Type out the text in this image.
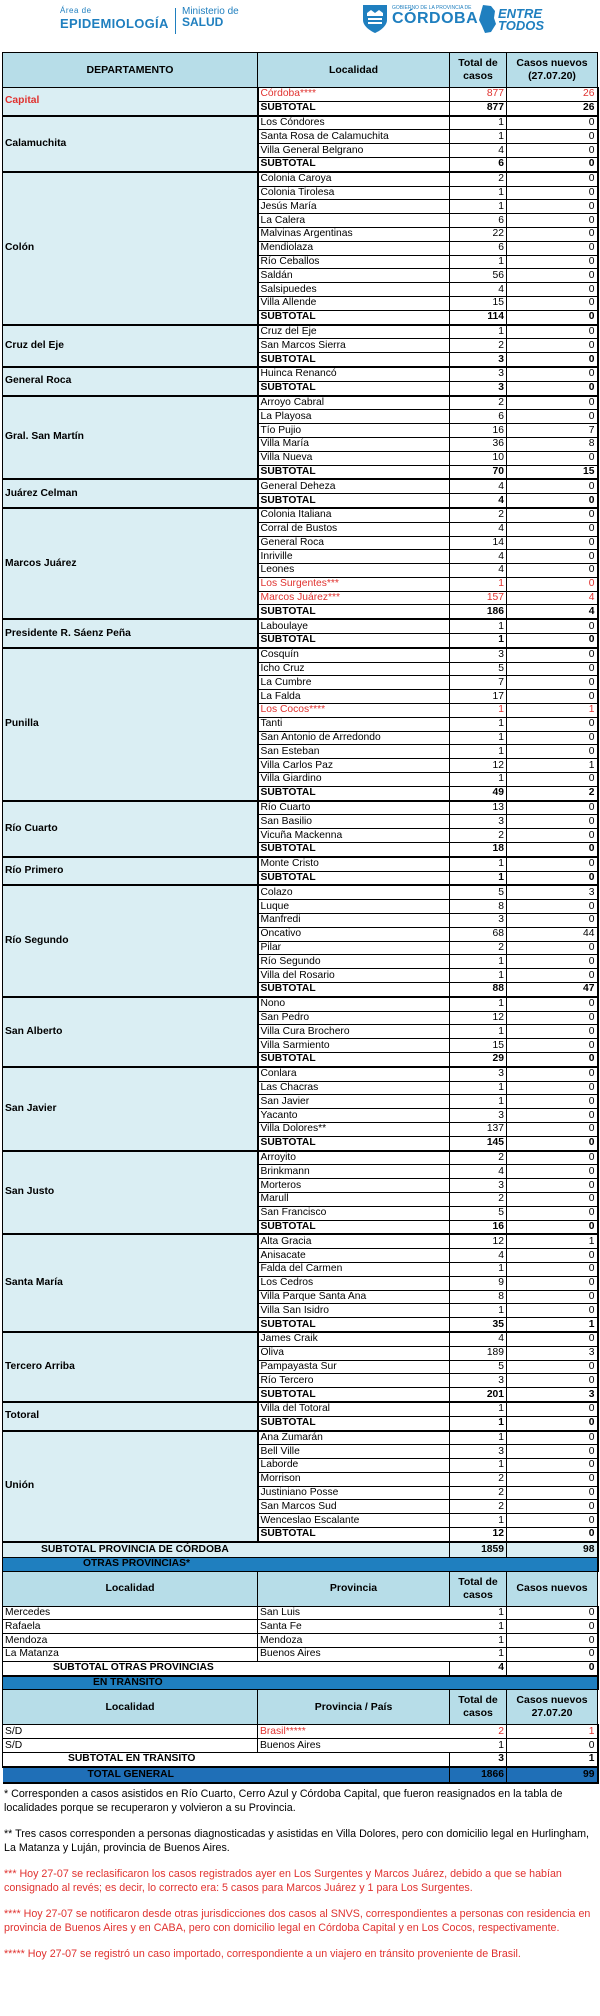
Área de
EPIDEMIOLOGÍA
Ministerio de
SALUD
GOBIERNO DE LA PROVINCIA DE
CÓRDOBA ENTRE
TODOS
DEPARTAMENTO	Localidad	Total de casos	Casos nuevos (27.07.20)
Capital	Córdoba****	877	26
	SUBTOTAL	877	26
Calamuchita	Los Cóndores	1	0
	Santa Rosa de Calamuchita	1	0
	Villa General Belgrano	4	0
	SUBTOTAL	6	0
Colón	Colonia Caroya	2	0
	Colonia Tirolesa	1	0
	Jesús María	1	0
	La Calera	6	0
	Malvinas Argentinas	22	0
	Mendiolaza	6	0
	Río Ceballos	1	0
	Saldán	56	0
	Salsipuedes	4	0
	Villa Allende	15	0
	SUBTOTAL	114	0
Cruz del Eje	Cruz del Eje	1	0
	San Marcos Sierra	2	0
	SUBTOTAL	3	0
General Roca	Huinca Renancó	3	0
	SUBTOTAL	3	0
Gral. San Martín	Arroyo Cabral	2	0
	La Playosa	6	0
	Tío Pujio	16	7
	Villa María	36	8
	Villa Nueva	10	0
	SUBTOTAL	70	15
Juárez Celman	General Deheza	4	0
	SUBTOTAL	4	0
Marcos Juárez	Colonia Italiana	2	0
	Corral de Bustos	4	0
	General Roca	14	0
	Inriville	4	0
	Leones	4	0
	Los Surgentes***	1	0
	Marcos Juárez***	157	4
	SUBTOTAL	186	4
Presidente R. Sáenz Peña	Laboulaye	1	0
	SUBTOTAL	1	0
Punilla	Cosquín	3	0
	Icho Cruz	5	0
	La Cumbre	7	0
	La Falda	17	0
	Los Cocos****	1	1
	Tanti	1	0
	San Antonio de Arredondo	1	0
	San Esteban	1	0
	Villa Carlos Paz	12	1
	Villa Giardino	1	0
	SUBTOTAL	49	2
Río Cuarto	Río Cuarto	13	0
	San Basilio	3	0
	Vicuña Mackenna	2	0
	SUBTOTAL	18	0
Río Primero	Monte Cristo	1	0
	SUBTOTAL	1	0
Río Segundo	Colazo	5	3
	Luque	8	0
	Manfredi	3	0
	Oncativo	68	44
	Pilar	2	0
	Río Segundo	1	0
	Villa del Rosario	1	0
	SUBTOTAL	88	47
San Alberto	Nono	1	0
	San Pedro	12	0
	Villa Cura Brochero	1	0
	Villa Sarmiento	15	0
	SUBTOTAL	29	0
San Javier	Conlara	3	0
	Las Chacras	1	0
	San Javier	1	0
	Yacanto	3	0
	Villa Dolores**	137	0
	SUBTOTAL	145	0
San Justo	Arroyito	2	0
	Brinkmann	4	0
	Morteros	3	0
	Marull	2	0
	San Francisco	5	0
	SUBTOTAL	16	0
Santa María	Alta Gracia	12	1
	Anisacate	4	0
	Falda del Carmen	1	0
	Los Cedros	9	0
	Villa Parque Santa Ana	8	0
	Villa San Isidro	1	0
	SUBTOTAL	35	1
Tercero Arriba	James Craik	4	0
	Oliva	189	3
	Pampayasta Sur	5	0
	Río Tercero	3	0
	SUBTOTAL	201	3
Totoral	Villa del Totoral	1	0
	SUBTOTAL	1	0
Unión	Ana Zumarán	1	0
	Bell Ville	3	0
	Laborde	1	0
	Morrison	2	0
	Justiniano Posse	2	0
	San Marcos Sud	2	0
	Wenceslao Escalante	1	0
	SUBTOTAL	12	0
SUBTOTAL PROVINCIA DE CÓRDOBA		1859	98
OTRAS PROVINCIAS*			
Localidad	Provincia	Total de casos	Casos nuevos
Mercedes	San Luis	1	0
Rafaela	Santa Fe	1	0
Mendoza	Mendoza	1	0
La Matanza	Buenos Aires	1	0
SUBTOTAL OTRAS PROVINCIAS		4	0
EN TRÁNSITO			
Localidad	Provincia / País	Total de casos	Casos nuevos 27.07.20
S/D	Brasil*****	2	1
S/D	Buenos Aires	1	0
SUBTOTAL EN TRÁNSITO		3	1
TOTAL GENERAL		1866	99

* Corresponden a casos asistidos en Río Cuarto, Cerro Azul y Córdoba Capital, que fueron reasignados en la tabla de localidades porque se recuperaron y volvieron a su Provincia.

** Tres casos corresponden a personas diagnosticadas y asistidas en Villa Dolores, pero con domicilio legal en Hurlingham, La Matanza y Luján, provincia de Buenos Aires.

*** Hoy 27-07 se reclasificaron los casos registrados ayer en Los Surgentes y Marcos Juárez, debido a que se habían consignado al revés; es decir, lo correcto era: 5 casos para Marcos Juárez y 1 para Los Surgentes.

**** Hoy 27-07 se notificaron desde otras jurisdicciones dos casos al SNVS, correspondientes a personas con residencia en provincia de Buenos Aires y en CABA, pero con domicilio legal en Córdoba Capital y en Los Cocos, respectivamente.

***** Hoy 27-07 se registró un caso importado, correspondiente a un viajero en tránsito proveniente de Brasil.
